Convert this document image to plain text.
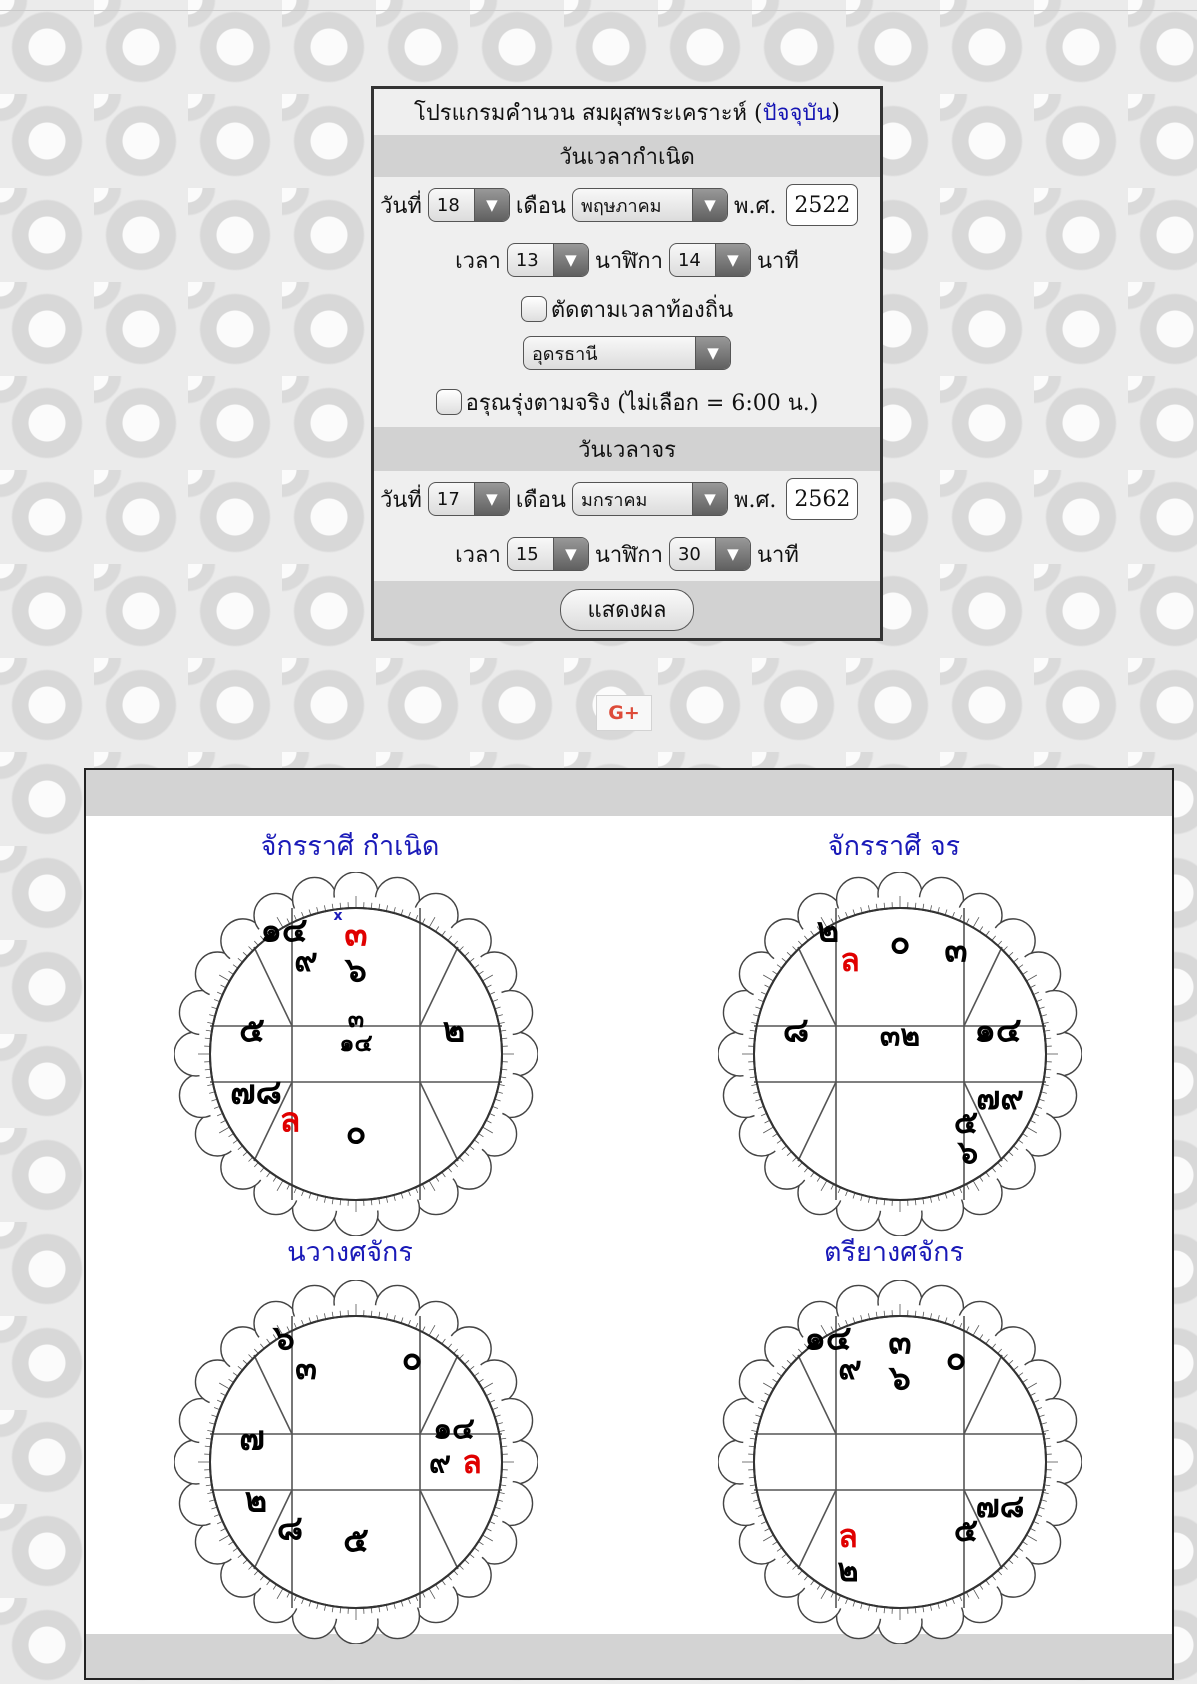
โปรแกรมคำนวน สมผุสพระเคราะห์ ( ปัจจุบัน )
วันเวลากำเนิด
วันที่ 18	▼ เดือน พฤษภาคม	▼ พ.ศ. 2522
เวลา 13	▼ นาฬิกา 14	▼ นาที
ตัดตามเวลาท้องถิ่น
อุดรธานี	▼
อรุณรุ่งตามจริง (ไม่เลือก = 6:00 น.)
วันเวลาจร
วันที่ 17	▼ เดือน มกราคม	▼ พ.ศ. 2562
เวลา 15	▼ นาฬิกา 30	▼ นาที
แสดงผล
G+
จักรราศี กำเนิด	จักรราศี จร
นวางศจักร	ตรียางศจักร
๑๔
๙
๓
๖
x
๕	๓
๑๔ ๒
๗๘
ล ๐
๒
ล ๐ ๓
๘ ๓๒ ๑๔
๗๙
๕
๖
๖
๓ ๐
๗	๑๔
๙ ล
๒
๘ ๕
๑๔
๙
๓
๖ ๐
๗๘
๕
ล
๒
